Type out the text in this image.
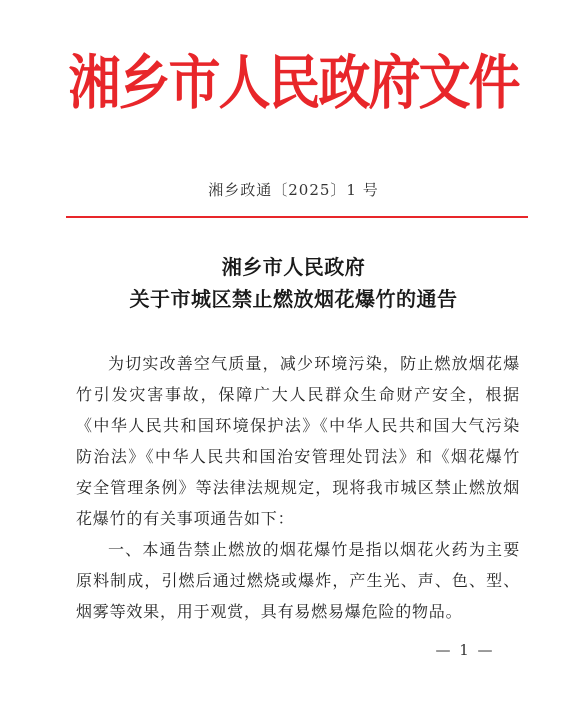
湘乡市人民政府文件
湘乡政通〔2025〕1 号
湘乡市人民政府
关于市城区禁止燃放烟花爆竹的通告
为切实改善空气质量，减少环境污染，防止燃放烟花爆竹引发灾害事故，保障广大人民群众生命财产安全，根据《中华人民共和国环境保护法》《中华人民共和国大气污染防治法》《中华人民共和国治安管理处罚法》和《烟花爆竹安全管理条例》等法律法规规定，现将我市城区禁止燃放烟花爆竹的有关事项通告如下：
一、本通告禁止燃放的烟花爆竹是指以烟花火药为主要原料制成，引燃后通过燃烧或爆炸，产生光、声、色、型、烟雾等效果，用于观赏，具有易燃易爆危险的物品。
— 1 —
